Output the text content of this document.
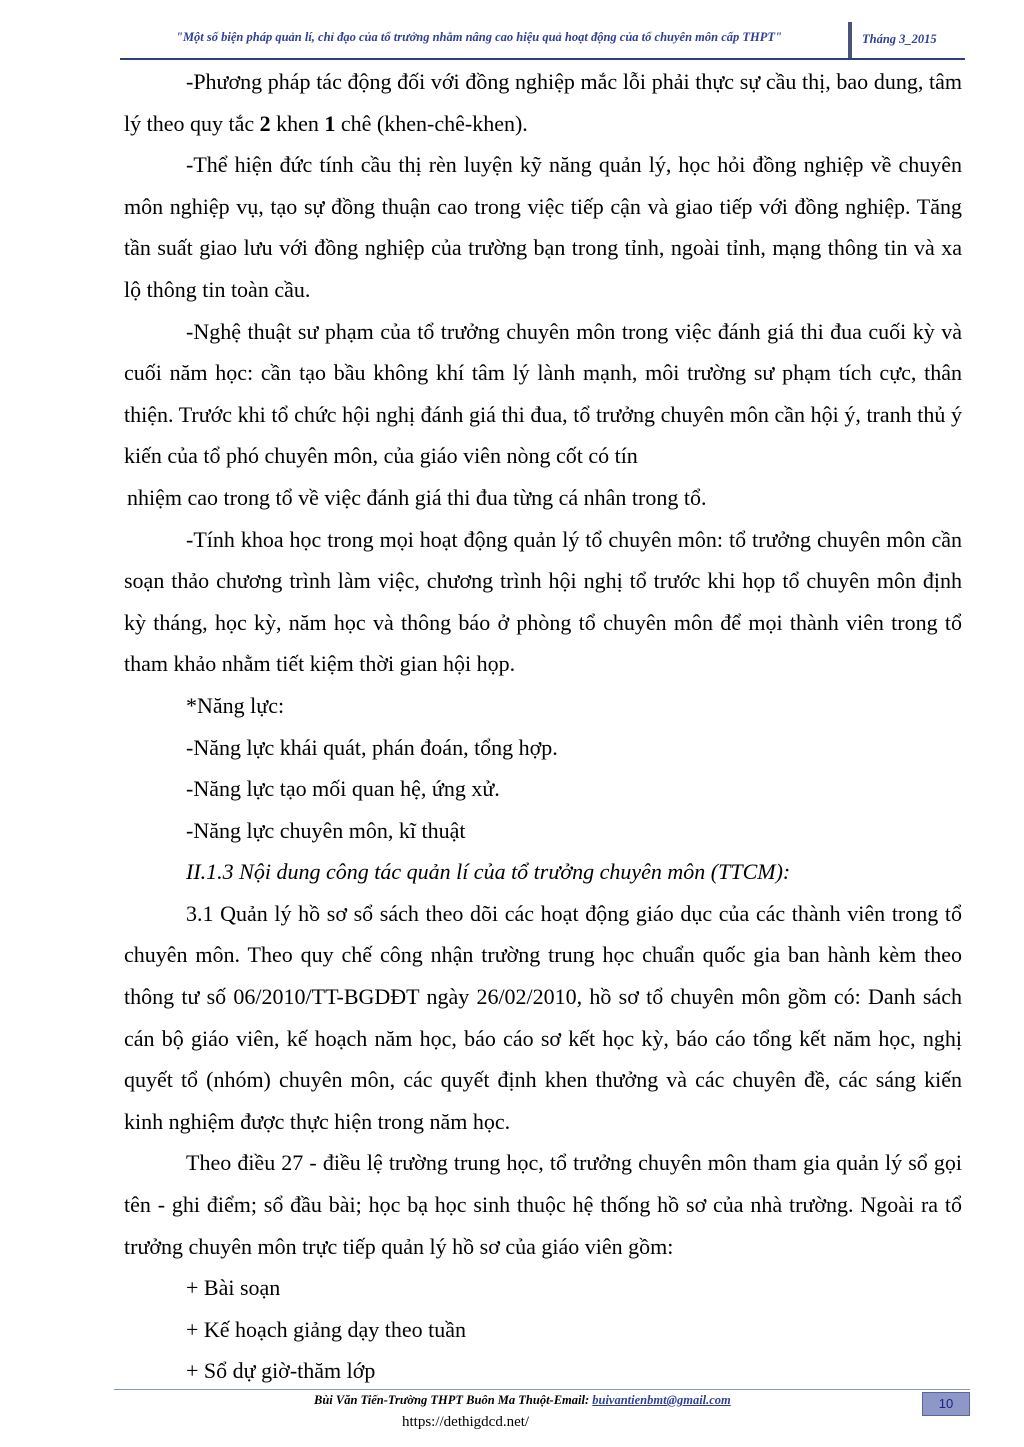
"Một số biện pháp quản lí, chỉ đạo của tổ trưởng nhằm nâng cao hiệu quả hoạt động của tổ chuyên môn cấp THPT"	Tháng 3_2015

-Phương pháp tác động đối với đồng nghiệp mắc lỗi phải thực sự cầu thị, bao dung, tâm lý theo quy tắc 2 khen 1 chê (khen-chê-khen).

-Thể hiện đức tính cầu thị rèn luyện kỹ năng quản lý, học hỏi đồng nghiệp về chuyên môn nghiệp vụ, tạo sự đồng thuận cao trong việc tiếp cận và giao tiếp với đồng nghiệp. Tăng tần suất giao lưu với đồng nghiệp của trường bạn trong tỉnh, ngoài tỉnh, mạng thông tin và xa lộ thông tin toàn cầu.

-Nghệ thuật sư phạm của tổ trưởng chuyên môn trong việc đánh giá thi đua cuối kỳ và cuối năm học: cần tạo bầu không khí tâm lý lành mạnh, môi trường sư phạm tích cực, thân thiện. Trước khi tổ chức hội nghị đánh giá thi đua, tổ trưởng chuyên môn cần hội ý, tranh thủ ý kiến của tổ phó chuyên môn, của giáo viên nòng cốt có tín

nhiệm cao trong tổ về việc đánh giá thi đua từng cá nhân trong tổ.

-Tính khoa học trong mọi hoạt động quản lý tổ chuyên môn: tổ trưởng chuyên môn cần soạn thảo chương trình làm việc, chương trình hội nghị tổ trước khi họp tổ chuyên môn định kỳ tháng, học kỳ, năm học và thông báo ở phòng tổ chuyên môn để mọi thành viên trong tổ tham khảo nhằm tiết kiệm thời gian hội họp.

*Năng lực:

-Năng lực khái quát, phán đoán, tổng hợp.

-Năng lực tạo mối quan hệ, ứng xử.

-Năng lực chuyên môn, kĩ thuật

II.1.3 Nội dung công tác quản lí của tổ trưởng chuyên môn (TTCM):

3.1 Quản lý hồ sơ sổ sách theo dõi các hoạt động giáo dục của các thành viên trong tổ chuyên môn. Theo quy chế công nhận trường trung học chuẩn quốc gia ban hành kèm theo thông tư số 06/2010/TT-BGDĐT ngày 26/02/2010, hồ sơ tổ chuyên môn gồm có: Danh sách cán bộ giáo viên, kế hoạch năm học, báo cáo sơ kết học kỳ, báo cáo tổng kết năm học, nghị quyết tổ (nhóm) chuyên môn, các quyết định khen thưởng và các chuyên đề, các sáng kiến kinh nghiệm được thực hiện trong năm học.

Theo điều 27 - điều lệ trường trung học, tổ trưởng chuyên môn tham gia quản lý sổ gọi tên - ghi điểm; sổ đầu bài; học bạ học sinh thuộc hệ thống hồ sơ của nhà trường. Ngoài ra tổ trưởng chuyên môn trực tiếp quản lý hồ sơ của giáo viên gồm:

+ Bài soạn

+ Kế hoạch giảng dạy theo tuần

+ Sổ dự giờ-thăm lớp

Bùi Văn Tiến-Trường THPT Buôn Ma Thuột-Email: buivantienbmt@gmail.com	10
https://dethigdcd.net/
